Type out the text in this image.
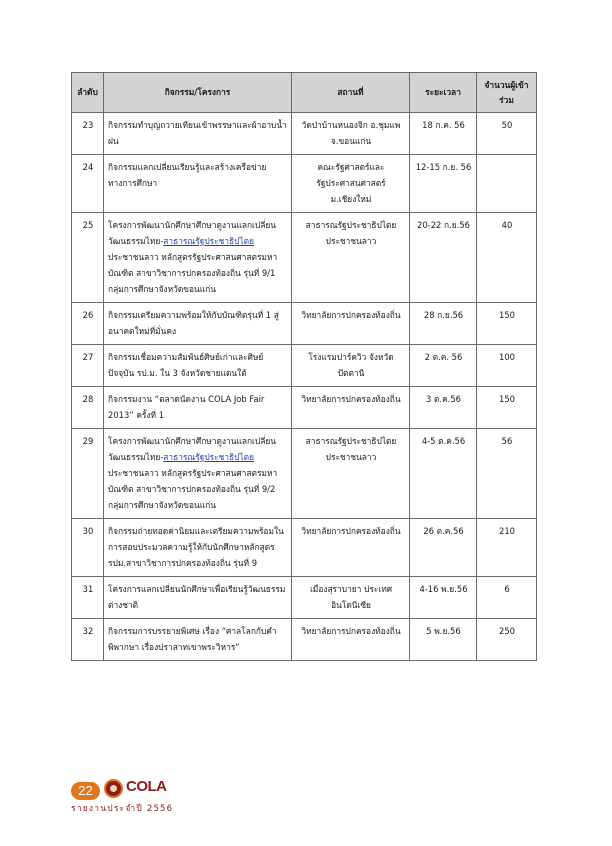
ลำดับ	กิจกรรม/โครงการ	สถานที่	ระยะเวลา	จำนวนผู้เข้าร่วม
23	กิจกรรมทำบุญถวายเทียนเข้าพรรษาและผ้าอาบน้ำฝน	วัดป่าบ้านหนองจิก อ.ชุมแพ จ.ขอนแก่น	18 ก.ค. 56	50
24	กิจกรรมแลกเปลี่ยนเรียนรู้และสร้างเครือข่ายทางการศึกษา	คณะรัฐศาสตร์และรัฐประศาสนศาสตร์ ม.เชียงใหม่	12-15 ก.ย. 56	
25	โครงการพัฒนานักศึกษาศึกษาดูงานแลกเปลี่ยนวัฒนธรรมไทย-สาธารณรัฐประชาธิปไตยประชาชนลาว หลักสูตรรัฐประศาสนศาสตรมหาบัณฑิต สาขาวิชาการปกครองท้องถิ่น รุ่นที่ 9/1 กลุ่มการศึกษาจังหวัดขอนแก่น	สาธารณรัฐประชาธิปไตยประชาชนลาว	20-22 ก.ย.56	40
26	กิจกรรมเตรียมความพร้อมให้กับบัณฑิตรุ่นที่ 1 สู่อนาคตใหม่ที่มั่นคง	วิทยาลัยการปกครองท้องถิ่น	28 ก.ย.56	150
27	กิจกรรมเชื่อมความสัมพันธ์ศิษย์เก่าและศิษย์ปัจจุบัน รป.ม. ใน 3 จังหวัดชายแดนใต้	โรงแรมปาร์ควิว จังหวัดปัตตานี	2 ต.ค. 56	100
28	กิจกรรมงาน “ตลาดนัดงาน COLA Job Fair 2013” ครั้งที่ 1	วิทยาลัยการปกครองท้องถิ่น	3 ต.ค.56	150
29	โครงการพัฒนานักศึกษาศึกษาดูงานแลกเปลี่ยนวัฒนธรรมไทย-สาธารณรัฐประชาธิปไตยประชาชนลาว หลักสูตรรัฐประศาสนศาสตรมหาบัณฑิต สาขาวิชาการปกครองท้องถิ่น รุ่นที่ 9/2 กลุ่มการศึกษาจังหวัดขอนแก่น	สาธารณรัฐประชาธิปไตยประชาชนลาว	4-5 ต.ค.56	56
30	กิจกรรมถ่ายทอดค่านิยมและเตรียมความพร้อมในการสอบประมวลความรู้ให้กับนักศึกษาหลักสูตร รปม.สาขาวิชาการปกครองท้องถิ่น รุ่นที่ 9	วิทยาลัยการปกครองท้องถิ่น	26 ต.ค.56	210
31	โครงการแลกเปลี่ยนนักศึกษาเพื่อเรียนรู้วัฒนธรรมต่างชาติ	เมืองสุราบายา ประเทศอินโดนีเซีย	4-16 พ.ย.56	6
32	กิจกรรมการบรรยายพิเศษ เรื่อง “ศาลโลกกับคำพิพากษา เรื่องปราสาทเขาพระวิหาร”	วิทยาลัยการปกครองท้องถิ่น	5 พ.ย.56	250
22	COLA
รายงานประจำปี 2556
